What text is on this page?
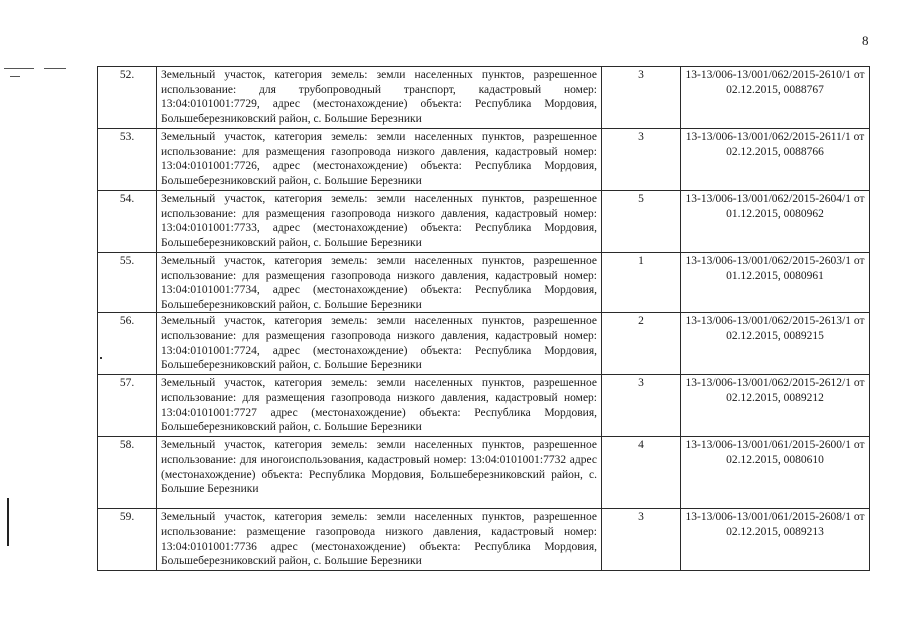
8
52.	Земельный участок, категория земель: земли населенных пунктов, разрешенное использование: для трубопроводный транспорт, кадастровый номер: 13:04:0101001:7729, адрес (местонахождение) объекта: Республика Мордовия, Большеберезниковский район, с. Большие Березники	3	13-13/006-13/001/062/2015-2610/1 от 02.12.2015, 0088767
53.	Земельный участок, категория земель: земли населенных пунктов, разрешенное использование: для размещения газопровода низкого давления, кадастровый номер: 13:04:0101001:7726, адрес (местонахождение) объекта: Республика Мордовия, Большеберезниковский район, с. Большие Березники	3	13-13/006-13/001/062/2015-2611/1 от 02.12.2015, 0088766
54.	Земельный участок, категория земель: земли населенных пунктов, разрешенное использование: для размещения газопровода низкого давления, кадастровый номер: 13:04:0101001:7733, адрес (местонахождение) объекта: Республика Мордовия, Большеберезниковский район, с. Большие Березники	5	13-13/006-13/001/062/2015-2604/1 от 01.12.2015, 0080962
55.	Земельный участок, категория земель: земли населенных пунктов, разрешенное использование: для размещения газопровода низкого давления, кадастровый номер: 13:04:0101001:7734, адрес (местонахождение) объекта: Республика Мордовия, Большеберезниковский район, с. Большие Березники	1	13-13/006-13/001/062/2015-2603/1 от 01.12.2015, 0080961
56.	Земельный участок, категория земель: земли населенных пунктов, разрешенное использование: для размещения газопровода низкого давления, кадастровый номер: 13:04:0101001:7724, адрес (местонахождение) объекта: Республика Мордовия, Большеберезниковский район, с. Большие Березники	2	13-13/006-13/001/062/2015-2613/1 от 02.12.2015, 0089215
57.	Земельный участок, категория земель: земли населенных пунктов, разрешенное использование: для размещения газопровода низкого давления, кадастровый номер: 13:04:0101001:7727 адрес (местонахождение) объекта: Республика Мордовия, Большеберезниковский район, с. Большие Березники	3	13-13/006-13/001/062/2015-2612/1 от 02.12.2015, 0089212
58.	Земельный участок, категория земель: земли населенных пунктов, разрешенное использование: для иногоиспользования, кадастровый номер: 13:04:0101001:7732 адрес (местонахождение) объекта: Республика Мордовия, Большеберезниковский район, с. Большие Березники	4	13-13/006-13/001/061/2015-2600/1 от 02.12.2015, 0080610
59.	Земельный участок, категория земель: земли населенных пунктов, разрешенное использование: размещение газопровода низкого давления, кадастровый номер: 13:04:0101001:7736 адрес (местонахождение) объекта: Республика Мордовия, Большеберезниковский район, с. Большие Березники	3	13-13/006-13/001/061/2015-2608/1 от 02.12.2015, 0089213
